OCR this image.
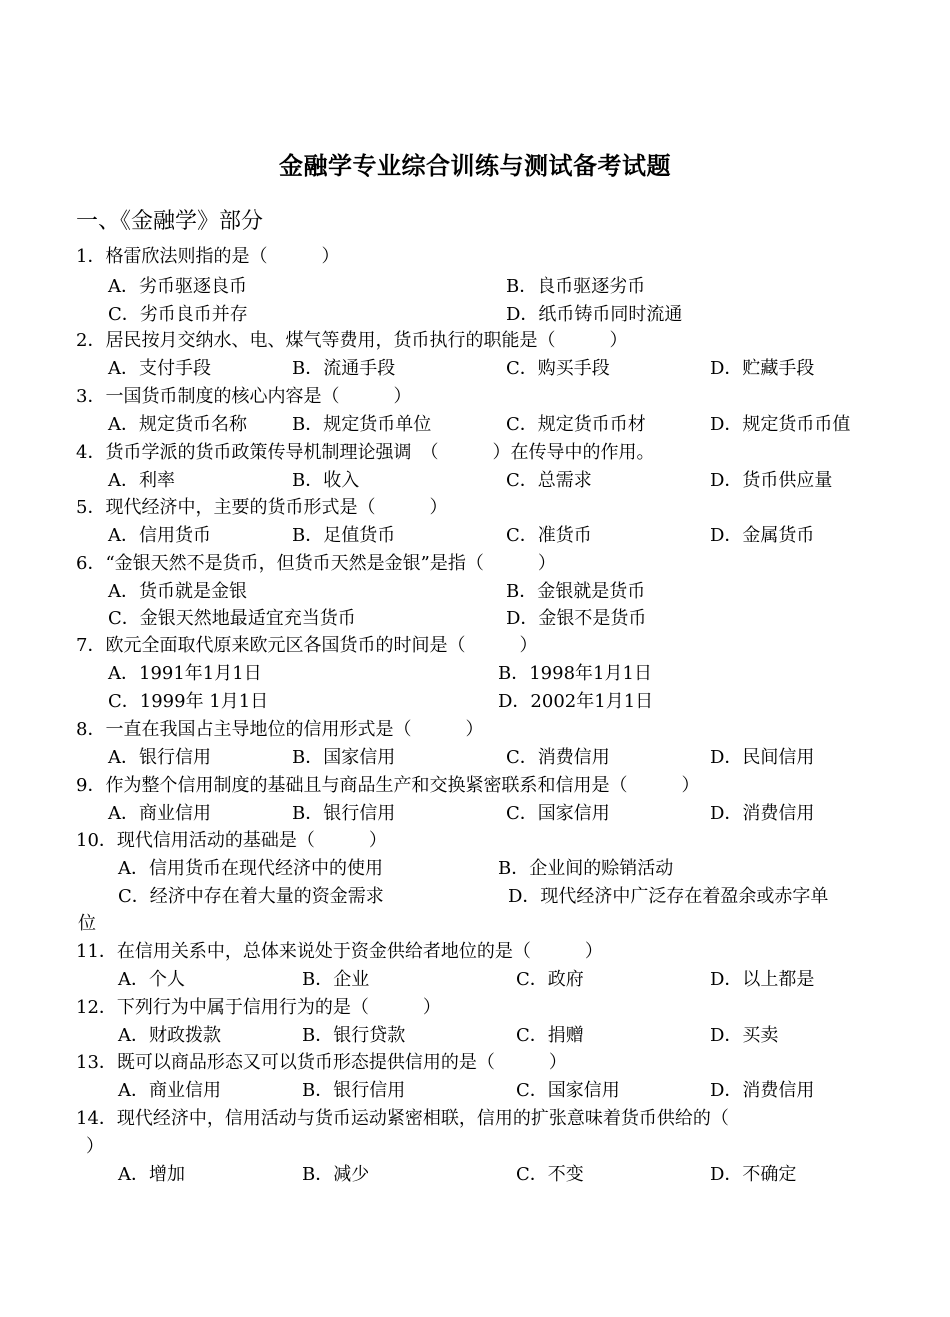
金融学专业综合训练与测试备考试题
一、《金融学》部分
1．格雷欣法则指的是（　　　）
A．劣币驱逐良币	B．良币驱逐劣币
C．劣币良币并存	D．纸币铸币同时流通
2．居民按月交纳水、电、煤气等费用，货币执行的职能是（　　　）
A．支付手段	B．流通手段	C．购买手段	D．贮藏手段
3．一国货币制度的核心内容是（　　　）
A．规定货币名称	B．规定货币单位	C．规定货币币材	D．规定货币币值
4．货币学派的货币政策传导机制理论强调　（　　　）在传导中的作用。
A．利率	B．收入	C．总需求	D．货币供应量
5．现代经济中，主要的货币形式是（　　　）
A．信用货币	B．足值货币	C．准货币	D．金属货币
6．“金银天然不是货币，但货币天然是金银”是指（　　　）
A．货币就是金银	B．金银就是货币
C．金银天然地最适宜充当货币	D．金银不是货币
7．欧元全面取代原来欧元区各国货币的时间是（　　　）
A．1991年1月1日	B．1998年1月1日
C．1999年 1月1日	D．2002年1月1日
8．一直在我国占主导地位的信用形式是（　　　）
A．银行信用	B．国家信用	C．消费信用	D．民间信用
9．作为整个信用制度的基础且与商品生产和交换紧密联系和信用是（　　　）
A．商业信用	B．银行信用	C．国家信用	D．消费信用
10．现代信用活动的基础是（　　　）
A．信用货币在现代经济中的使用	B．企业间的赊销活动
C．经济中存在着大量的资金需求	D．现代经济中广泛存在着盈余或赤字单
位
11．在信用关系中，总体来说处于资金供给者地位的是（　　　）
A．个人	B．企业	C．政府	D．以上都是
12．下列行为中属于信用行为的是（　　　）
A．财政拨款	B．银行贷款	C．捐赠	D．买卖
13．既可以商品形态又可以货币形态提供信用的是（　　　）
A．商业信用	B．银行信用	C．国家信用	D．消费信用
14．现代经济中，信用活动与货币运动紧密相联，信用的扩张意味着货币供给的（
）
A．增加	B．减少	C．不变	D．不确定
